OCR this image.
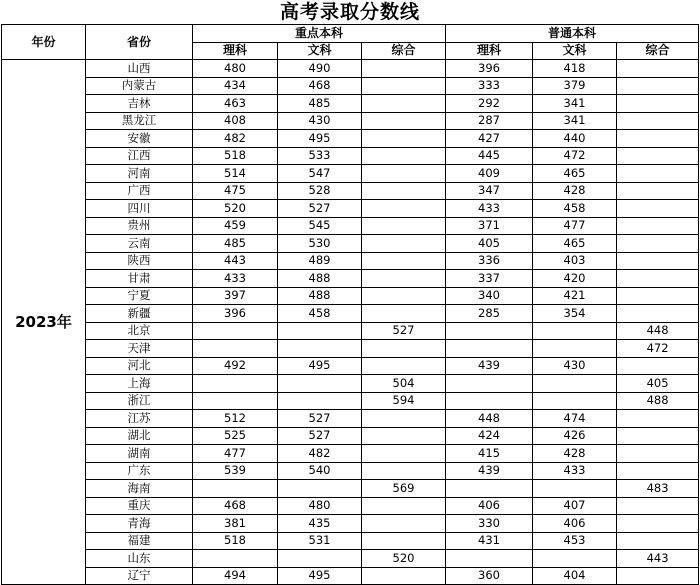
高考录取分数线
年份	省份	重点本科			普通本科		
		理科	文科	综合	理科	文科	综合
2023年	山西	480	490		396	418	
	内蒙古	434	468		333	379	
	吉林	463	485		292	341	
	黑龙江	408	430		287	341	
	安徽	482	495		427	440	
	江西	518	533		445	472	
	河南	514	547		409	465	
	广西	475	528		347	428	
	四川	520	527		433	458	
	贵州	459	545		371	477	
	云南	485	530		405	465	
	陕西	443	489		336	403	
	甘肃	433	488		337	420	
	宁夏	397	488		340	421	
	新疆	396	458		285	354	
	北京			527			448
	天津						472
	河北	492	495		439	430	
	上海			504			405
	浙江			594			488
	江苏	512	527		448	474	
	湖北	525	527		424	426	
	湖南	477	482		415	428	
	广东	539	540		439	433	
	海南			569			483
	重庆	468	480		406	407	
	青海	381	435		330	406	
	福建	518	531		431	453	
	山东			520			443
	辽宁	494	495		360	404	
